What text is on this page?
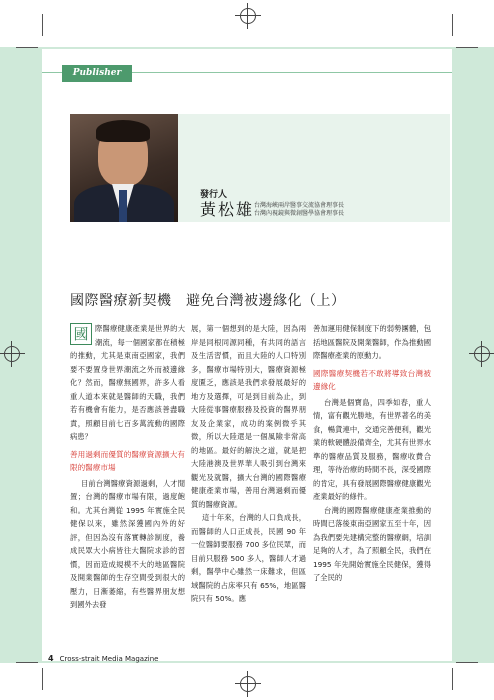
Publisher
發行人
黃松雄 台灣海峽兩岸醫事交流協會理事長
台灣內視鏡與微創醫學協會理事長
國際醫療新契機　避免台灣被邊緣化（上）

國 際醫療健康產業是世界的大潮流，每一個國家都在積極的推動，尤其是東南亞國家，我們要不要置身世界潮流之外而被邊緣化？然而，醫療無國界，許多人看重人道本來就是醫師的天職，我們若有機會有能力，是否應該善盡職責，照顧目前七百多萬流動的國際病患？

善用過剩而優質的醫療資源擴大有限的醫療市場

目前台灣醫療資源過剩，人才閒置；台灣的醫療市場有限，過度飽和。尤其台灣從 1995 年實施全民健保以來，雖然深獲國內外的好評，但因為沒有落實轉診制度，養成民眾大小病皆往大醫院求診的習慣，因而造成規模不大的地區醫院及開業醫師的生存空間受到很大的壓力，日漸萎縮，有些醫界朋友想到國外去發

展，第一個想到的是大陸，因為兩岸是同根同源同種，有共同的語言及生活習慣，而且大陸的人口特別多，醫療市場特別大，醫療資源極度匱乏，應該是我們求發展最好的地方及選擇，可是到目前為止，到大陸從事醫療服務及投資的醫界朋友及企業家，成功的案例微乎其微，所以大陸還是一個風險非常高的地區。最好的解決之道，就是把大陸港澳及世界華人吸引到台灣來觀光及就醫，擴大台灣的國際醫療健康產業市場，善用台灣過剩而優質的醫療資源。

這十年來，台灣的人口負成長，而醫師的人口正成長，民國 90 年一位醫師要服務 700 多位民眾，而目前只服務 500 多人，醫師人才過剩，醫學中心雖然一床難求，但區域醫院的占床率只有 65%，地區醫院只有 50%。應

善加運用健保制度下的弱勢團體，包括地區醫院及開業醫師，作為推動國際醫療產業的原動力。

國際醫療契機若不敢將導致台灣被邊緣化

台灣是個寶島，四季如春，重人情，富有觀光勝地，有世界著名的美食，暢貨連中，交通完善便利，觀光業的軟硬體設備齊全，尤其有世界水準的醫療品質及服務，醫療收費合理，等待治療的時間不長，深受國際的肯定，具有發展國際醫療健康觀光產業最好的條件。

台灣的國際醫療健康產業推動的時間已落後東南亞國家五至十年，因為我們要先建構完整的醫療網，培訓足夠的人才，為了照顧全民，我們在 1995 年先開始實施全民健保，獲得了全民的

4 Cross-strait Media Magazine
